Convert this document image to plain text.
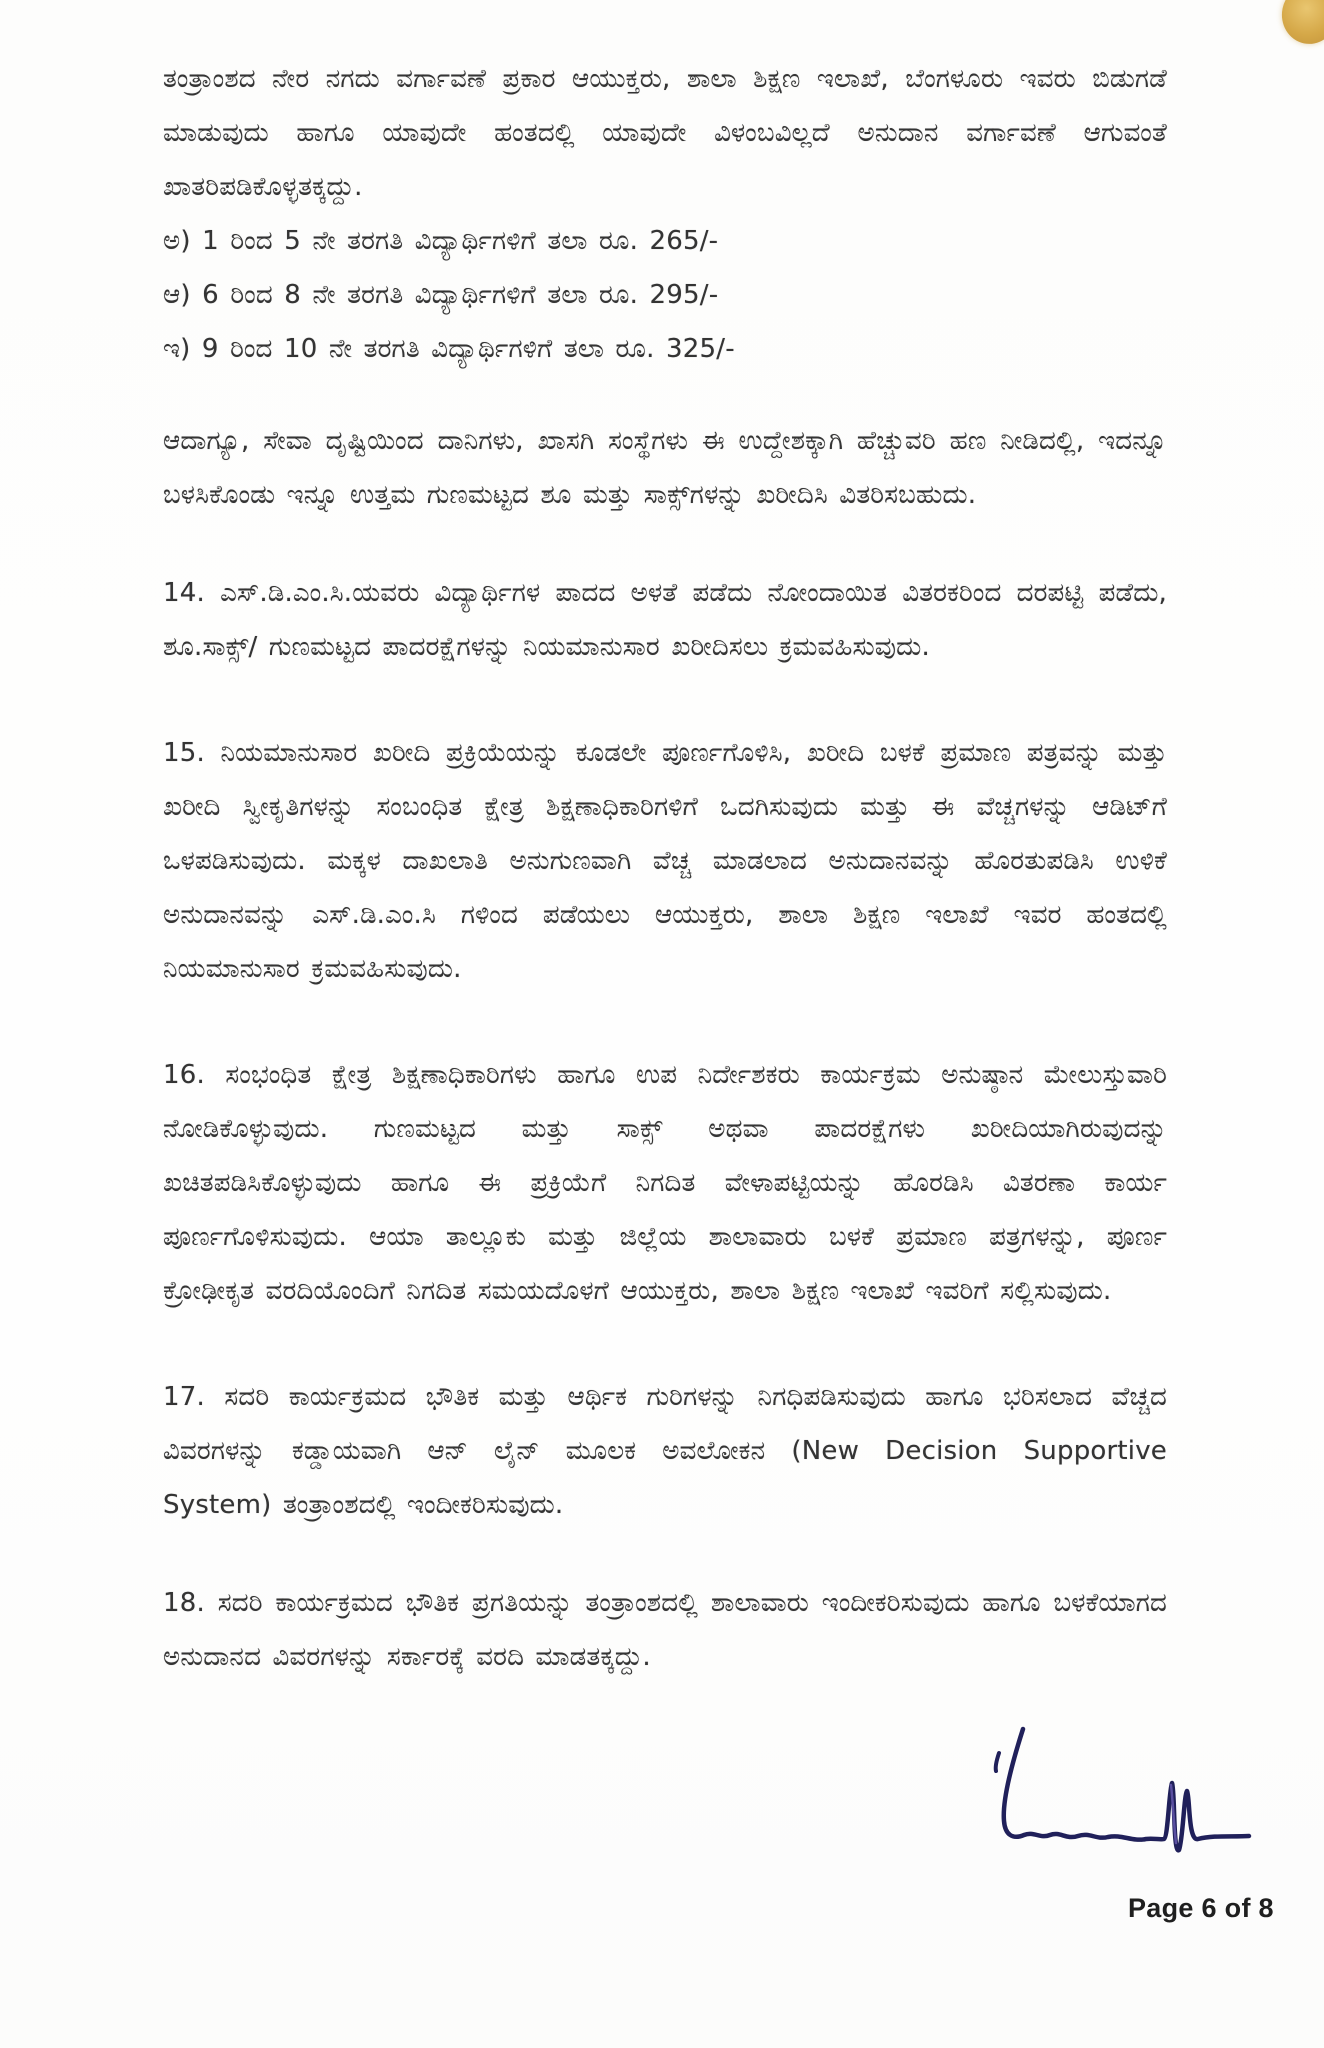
ತಂತ್ರಾಂಶದ ನೇರ ನಗದು ವರ್ಗಾವಣೆ ಪ್ರಕಾರ ಆಯುಕ್ತರು, ಶಾಲಾ ಶಿಕ್ಷಣ ಇಲಾಖೆ, ಬೆಂಗಳೂರು ಇವರು ಬಿಡುಗಡೆ ಮಾಡುವುದು ಹಾಗೂ ಯಾವುದೇ ಹಂತದಲ್ಲಿ ಯಾವುದೇ ವಿಳಂಬವಿಲ್ಲದೆ ಅನುದಾನ ವರ್ಗಾವಣೆ ಆಗುವಂತೆ ಖಾತರಿಪಡಿಕೊಳ್ಳತಕ್ಕದ್ದು.

ಅ) 1 ರಿಂದ 5 ನೇ ತರಗತಿ ವಿದ್ಯಾರ್ಥಿಗಳಿಗೆ ತಲಾ ರೂ. 265/-
ಆ) 6 ರಿಂದ 8 ನೇ ತರಗತಿ ವಿದ್ಯಾರ್ಥಿಗಳಿಗೆ ತಲಾ ರೂ. 295/-
ಇ) 9 ರಿಂದ 10 ನೇ ತರಗತಿ ವಿದ್ಯಾರ್ಥಿಗಳಿಗೆ ತಲಾ ರೂ. 325/-

ಆದಾಗ್ಯೂ, ಸೇವಾ ದೃಷ್ಟಿಯಿಂದ ದಾನಿಗಳು, ಖಾಸಗಿ ಸಂಸ್ಥೆಗಳು ಈ ಉದ್ದೇಶಕ್ಕಾಗಿ ಹೆಚ್ಚುವರಿ ಹಣ ನೀಡಿದಲ್ಲಿ, ಇದನ್ನೂ ಬಳಸಿಕೊಂಡು ಇನ್ನೂ ಉತ್ತಮ ಗುಣಮಟ್ಟದ ಶೂ ಮತ್ತು ಸಾಕ್ಸ್‌ಗಳನ್ನು ಖರೀದಿಸಿ ವಿತರಿಸಬಹುದು.

14. ಎಸ್.ಡಿ.ಎಂ.ಸಿ.ಯವರು ವಿದ್ಯಾರ್ಥಿಗಳ ಪಾದದ ಅಳತೆ ಪಡೆದು ನೋಂದಾಯಿತ ವಿತರಕರಿಂದ ದರಪಟ್ಟಿ ಪಡೆದು, ಶೂ.ಸಾಕ್ಸ್/ ಗುಣಮಟ್ಟದ ಪಾದರಕ್ಷೆಗಳನ್ನು ನಿಯಮಾನುಸಾರ ಖರೀದಿಸಲು ಕ್ರಮವಹಿಸುವುದು.

15. ನಿಯಮಾನುಸಾರ ಖರೀದಿ ಪ್ರಕ್ರಿಯೆಯನ್ನು ಕೂಡಲೇ ಪೂರ್ಣಗೊಳಿಸಿ, ಖರೀದಿ ಬಳಕೆ ಪ್ರಮಾಣ ಪತ್ರವನ್ನು ಮತ್ತು ಖರೀದಿ ಸ್ವೀಕೃತಿಗಳನ್ನು ಸಂಬಂಧಿತ ಕ್ಷೇತ್ರ ಶಿಕ್ಷಣಾಧಿಕಾರಿಗಳಿಗೆ ಒದಗಿಸುವುದು ಮತ್ತು ಈ ವೆಚ್ಚಗಳನ್ನು ಆಡಿಟ್‌ಗೆ ಒಳಪಡಿಸುವುದು. ಮಕ್ಕಳ ದಾಖಲಾತಿ ಅನುಗುಣವಾಗಿ ವೆಚ್ಚ ಮಾಡಲಾದ ಅನುದಾನವನ್ನು ಹೊರತುಪಡಿಸಿ ಉಳಿಕೆ ಅನುದಾನವನ್ನು ಎಸ್.ಡಿ.ಎಂ.ಸಿ ಗಳಿಂದ ಪಡೆಯಲು ಆಯುಕ್ತರು, ಶಾಲಾ ಶಿಕ್ಷಣ ಇಲಾಖೆ ಇವರ ಹಂತದಲ್ಲಿ ನಿಯಮಾನುಸಾರ ಕ್ರಮವಹಿಸುವುದು.

16. ಸಂಭಂಧಿತ ಕ್ಷೇತ್ರ ಶಿಕ್ಷಣಾಧಿಕಾರಿಗಳು ಹಾಗೂ ಉಪ ನಿರ್ದೇಶಕರು ಕಾರ್ಯಕ್ರಮ ಅನುಷ್ಠಾನ ಮೇಲುಸ್ತುವಾರಿ ನೋಡಿಕೊಳ್ಳುವುದು. ಗುಣಮಟ್ಟದ ಮತ್ತು ಸಾಕ್ಸ್ ಅಥವಾ ಪಾದರಕ್ಷೆಗಳು ಖರೀದಿಯಾಗಿರುವುದನ್ನು ಖಚಿತಪಡಿಸಿಕೊಳ್ಳುವುದು ಹಾಗೂ ಈ ಪ್ರಕ್ರಿಯೆಗೆ ನಿಗದಿತ ವೇಳಾಪಟ್ಟಿಯನ್ನು ಹೊರಡಿಸಿ ವಿತರಣಾ ಕಾರ್ಯ ಪೂರ್ಣಗೊಳಿಸುವುದು. ಆಯಾ ತಾಲ್ಲೂಕು ಮತ್ತು ಜಿಲ್ಲೆಯ ಶಾಲಾವಾರು ಬಳಕೆ ಪ್ರಮಾಣ ಪತ್ರಗಳನ್ನು, ಪೂರ್ಣ ಕ್ರೋಢೀಕೃತ ವರದಿಯೊಂದಿಗೆ ನಿಗದಿತ ಸಮಯದೊಳಗೆ ಆಯುಕ್ತರು, ಶಾಲಾ ಶಿಕ್ಷಣ ಇಲಾಖೆ ಇವರಿಗೆ ಸಲ್ಲಿಸುವುದು.

17. ಸದರಿ ಕಾರ್ಯಕ್ರಮದ ಭೌತಿಕ ಮತ್ತು ಆರ್ಥಿಕ ಗುರಿಗಳನ್ನು ನಿಗಧಿಪಡಿಸುವುದು ಹಾಗೂ ಭರಿಸಲಾದ ವೆಚ್ಚದ ವಿವರಗಳನ್ನು ಕಡ್ಡಾಯವಾಗಿ ಆನ್ ಲೈನ್ ಮೂಲಕ ಅವಲೋಕನ (New Decision Supportive System) ತಂತ್ರಾಂಶದಲ್ಲಿ ಇಂದೀಕರಿಸುವುದು.

18. ಸದರಿ ಕಾರ್ಯಕ್ರಮದ ಭೌತಿಕ ಪ್ರಗತಿಯನ್ನು ತಂತ್ರಾಂಶದಲ್ಲಿ ಶಾಲಾವಾರು ಇಂದೀಕರಿಸುವುದು ಹಾಗೂ ಬಳಕೆಯಾಗದ ಅನುದಾನದ ವಿವರಗಳನ್ನು ಸರ್ಕಾರಕ್ಕೆ ವರದಿ ಮಾಡತಕ್ಕದ್ದು.

Page 6 of 8
